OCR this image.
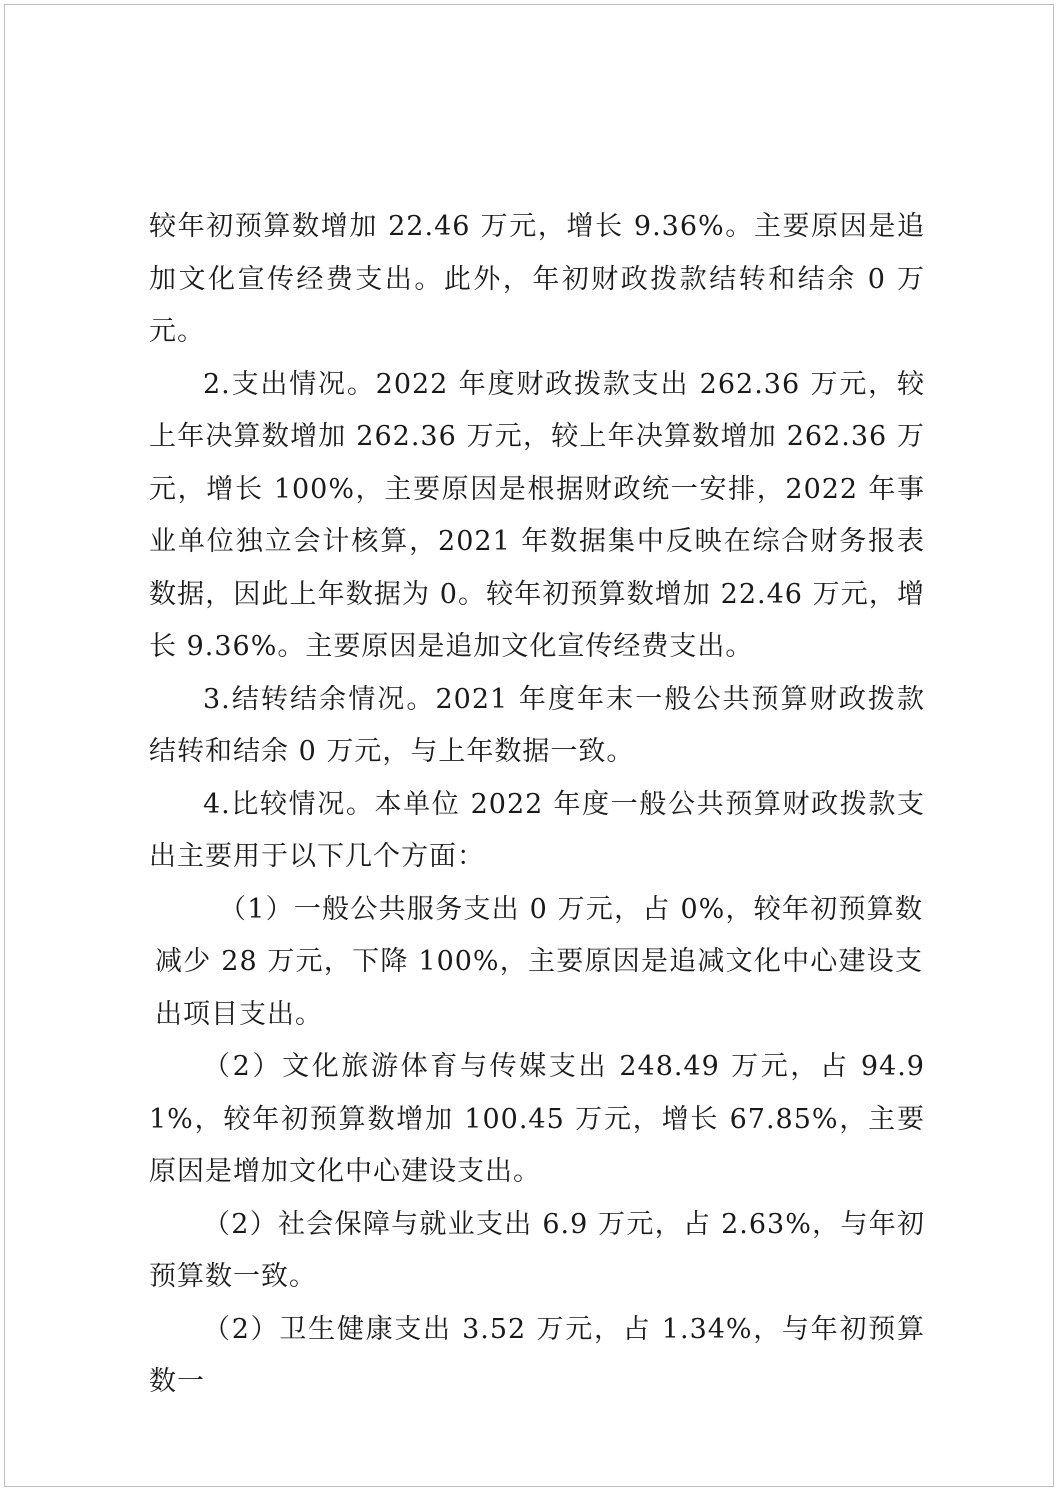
较年初预算数增加 22.46 万元，增长 9.36%。主要原因是追加文化宣传经费支出。此外，年初财政拨款结转和结余 0 万元。

2.支出情况。2022 年度财政拨款支出 262.36 万元，较上年决算数增加 262.36 万元，较上年决算数增加 262.36 万元，增长 100%，主要原因是根据财政统一安排，2022 年事业单位独立会计核算，2021 年数据集中反映在综合财务报表数据，因此上年数据为 0。较年初预算数增加 22.46 万元，增长 9.36%。主要原因是追加文化宣传经费支出。

3.结转结余情况。2021 年度年末一般公共预算财政拨款结转和结余 0 万元，与上年数据一致。

4.比较情况。本单位 2022 年度一般公共预算财政拨款支出主要用于以下几个方面：

（1）一般公共服务支出 0 万元，占 0%，较年初预算数减少 28 万元，下降 100%，主要原因是追减文化中心建设支出项目支出。

（2）文化旅游体育与传媒支出 248.49 万元，占 94.91%，较年初预算数增加 100.45 万元，增长 67.85%，主要原因是增加文化中心建设支出。

（2）社会保障与就业支出 6.9 万元，占 2.63%，与年初预算数一致。

（2）卫生健康支出 3.52 万元，占 1.34%，与年初预算数一
